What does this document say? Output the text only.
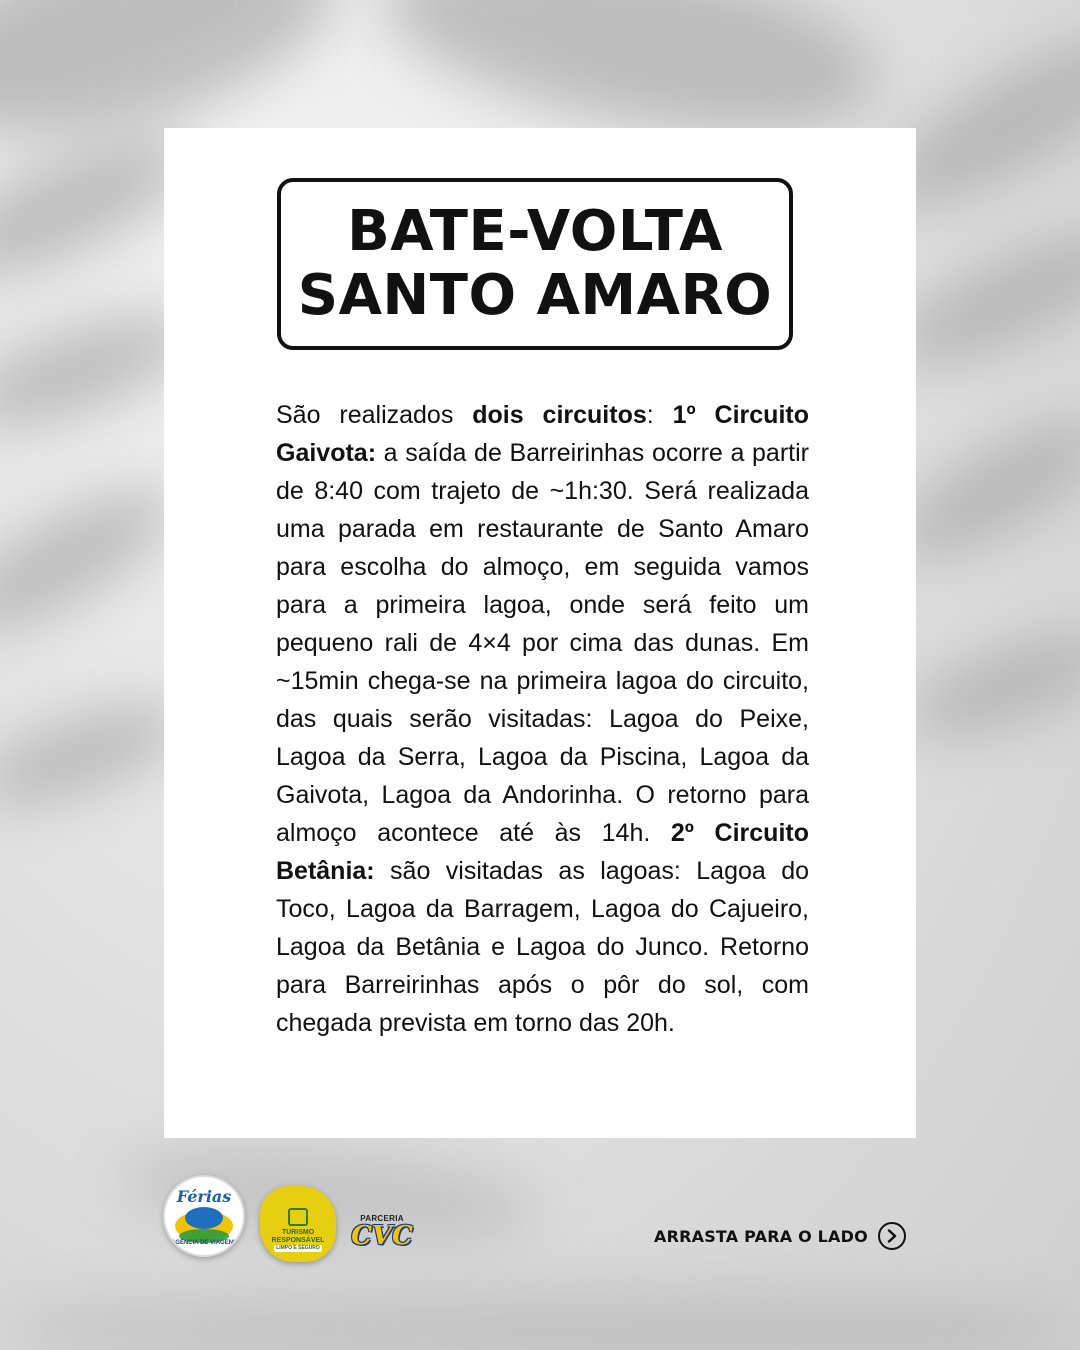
BATE-VOLTA
SANTO AMARO
São realizados dois circuitos: 1º Circuito Gaivota: a saída de Barreirinhas ocorre a partir de 8:40 com trajeto de ~1h:30. Será realizada uma parada em restaurante de Santo Amaro para escolha do almoço, em seguida vamos para a primeira lagoa, onde será feito um pequeno rali de 4×4 por cima das dunas. Em ~15min chega-se na primeira lagoa do circuito, das quais serão visitadas: Lagoa do Peixe, Lagoa da Serra, Lagoa da Piscina, Lagoa da Gaivota, Lagoa da Andorinha. O retorno para almoço acontece até às 14h. 2º Circuito Betânia: são visitadas as lagoas: Lagoa do Toco, Lagoa da Barragem, Lagoa do Cajueiro, Lagoa da Betânia e Lagoa do Junco. Retorno para Barreirinhas após o pôr do sol, com chegada prevista em torno das 20h.
Férias
AGÊNCIA DE VIAGENS
TURISMO
RESPONSÁVEL
LIMPO E SEGURO
PARCERIA
CVC	ARRASTA PARA O LADO
